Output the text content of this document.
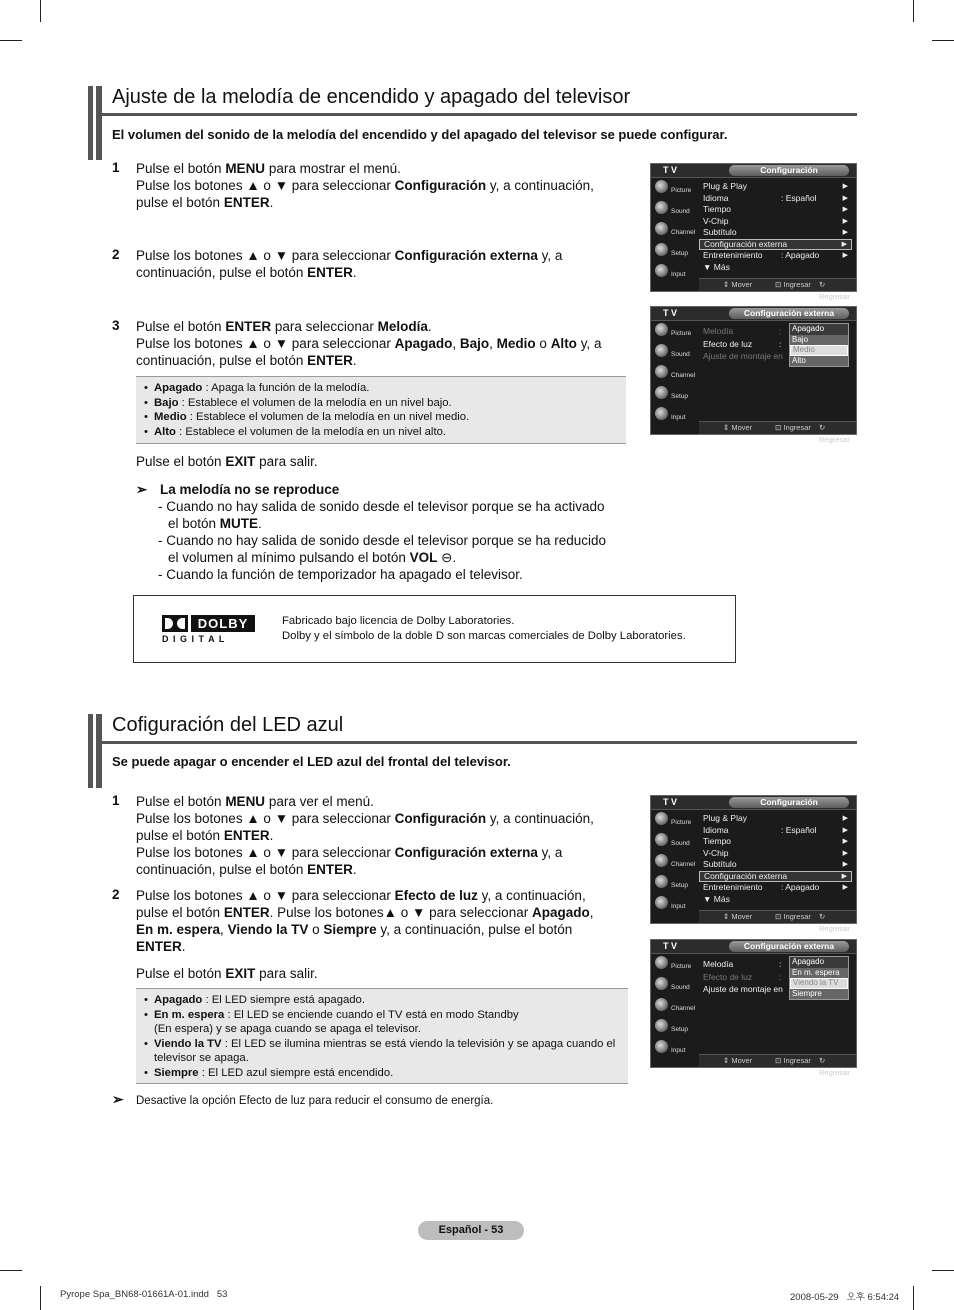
Ajuste de la melodía de encendido y apagado del televisor
El volumen del sonido de la melodía del encendido y del apagado del televisor se puede configurar.
1 Pulse el botón MENU para mostrar el menú.
Pulse los botones ▲ o ▼ para seleccionar Configuración y, a continuación,
pulse el botón ENTER.
2 Pulse los botones ▲ o ▼ para seleccionar Configuración externa y, a
continuación, pulse el botón ENTER.
3 Pulse el botón ENTER para seleccionar Melodía.
Pulse los botones ▲ o ▼ para seleccionar Apagado, Bajo, Medio o Alto y, a
continuación, pulse el botón ENTER.
• Apagado : Apaga la función de la melodía.
• Bajo : Establece el volumen de la melodía en un nivel bajo.
• Medio : Establece el volumen de la melodía en un nivel medio.
• Alto : Establece el volumen de la melodía en un nivel alto.
Pulse el botón EXIT para salir.
➢ La melodía no se reproduce
- Cuando no hay salida de sonido desde el televisor porque se ha activado
el botón MUTE.
- Cuando no hay salida de sonido desde el televisor porque se ha reducido
el volumen al mínimo pulsando el botón VOL ⊖.
- Cuando la función de temporizador ha apagado el televisor.
DOLBY
D I G I T A L
Fabricado bajo licencia de Dolby Laboratories.
Dolby y el símbolo de la doble D son marcas comerciales de Dolby Laboratories.
T V	Configuración
Picture
Sound
Channel
Setup
Input
⇕ Mover	⊡ Ingresar ↻ Regresar
Plug & Play	▶
Idioma	: Español	▶
Tiempo	▶
V-Chip	▶
Subtítulo	▶
Configuración externa	▶
Entretenimiento : Apagado	▶
▼ Más
T V	Configuración externa
Picture
Sound
Channel
Setup
Input
⇕ Mover	⊡ Ingresar ↻ Regresar
Melodía	:
Efecto de luz	:
Ajuste de montaje en
Apagado
Bajo
Medio
Alto
Cofiguración del LED azul
Se puede apagar o encender el LED azul del frontal del televisor.
1 Pulse el botón MENU para ver el menú.
Pulse los botones ▲ o ▼ para seleccionar Configuración y, a continuación,
pulse el botón ENTER.
Pulse los botones ▲ o ▼ para seleccionar Configuración externa y, a
continuación, pulse el botón ENTER.
2 Pulse los botones ▲ o ▼ para seleccionar Efecto de luz y, a continuación,
pulse el botón ENTER. Pulse los botones▲ o ▼ para seleccionar Apagado,
En m. espera, Viendo la TV o Siempre y, a continuación, pulse el botón
ENTER.
Pulse el botón EXIT para salir.
• Apagado : El LED siempre está apagado.
• En m. espera : El LED se enciende cuando el TV está en modo Standby
(En espera) y se apaga cuando se apaga el televisor.
• Viendo la TV : El LED se ilumina mientras se está viendo la televisión y se apaga cuando el
televisor se apaga.
• Siempre : El LED azul siempre está encendido.
➢ Desactive la opción Efecto de luz para reducir el consumo de energía.
T V	Configuración
Picture
Sound
Channel
Setup
Input
⇕ Mover	⊡ Ingresar ↻ Regresar
Plug & Play	▶
Idioma	: Español	▶
Tiempo	▶
V-Chip	▶
Subtítulo	▶
Configuración externa	▶
Entretenimiento : Apagado	▶
▼ Más
T V	Configuración externa
Picture
Sound
Channel
Setup
Input
⇕ Mover	⊡ Ingresar ↻ Regresar
Melodía	:
Efecto de luz	:
Ajuste de montaje en
Apagado
En m. espera
Viendo la TV
Siempre
Español - 53
Pyrope Spa_BN68-01661A-01.indd   53	2008-05-29   오후 6:54:24
